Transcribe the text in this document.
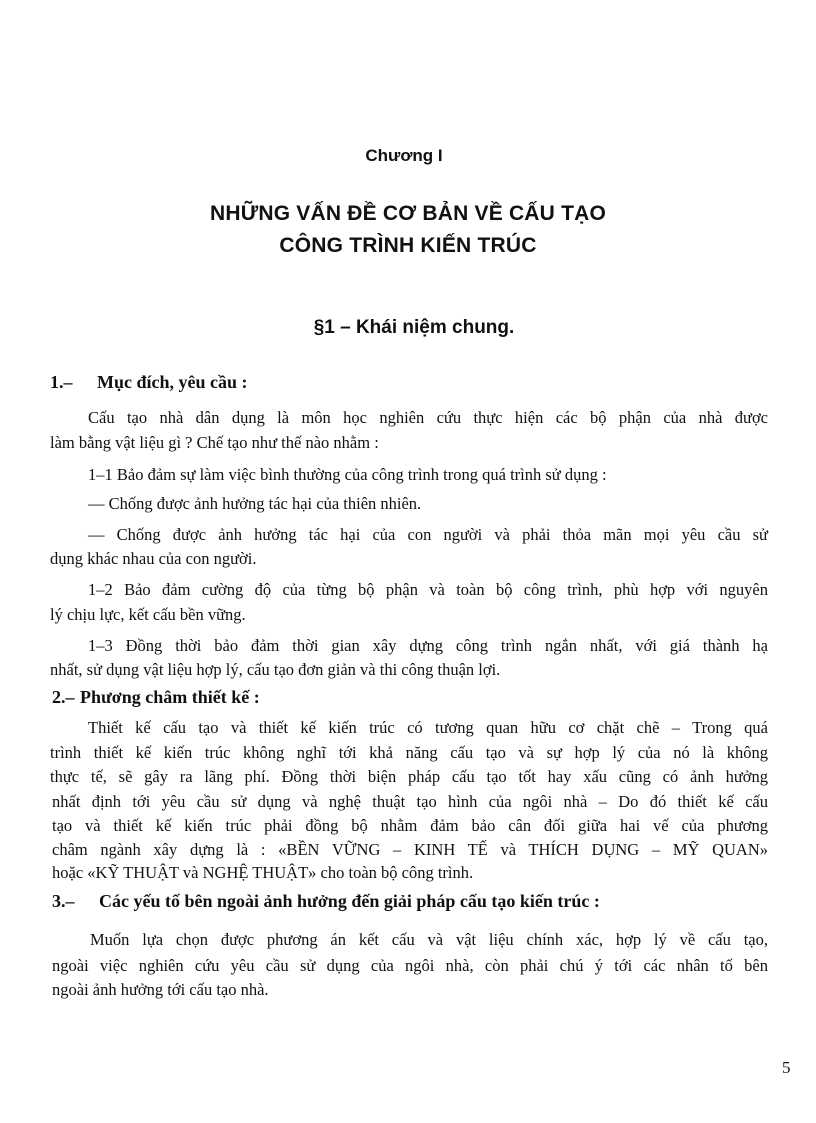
Chương I
NHỮNG VẤN ĐỀ CƠ BẢN VỀ CẤU TẠO
CÔNG TRÌNH KIẾN TRÚC
§1 – Khái niệm chung.
1.– Mục đích, yêu cầu :
Cấu tạo nhà dân dụng là môn học nghiên cứu thực hiện các bộ phận của nhà được
làm bằng vật liệu gì ? Chế tạo như thế nào nhằm :
1–1 Bảo đảm sự làm việc bình thường của công trình trong quá trình sử dụng :
— Chống được ảnh hưởng tác hại của thiên nhiên.
— Chống được ảnh hưởng tác hại của con người và phải thỏa mãn mọi yêu cầu sử
dụng khác nhau của con người.
1–2 Bảo đảm cường độ của từng bộ phận và toàn bộ công trình, phù hợp với nguyên
lý chịu lực, kết cấu bền vững.
1–3 Đồng thời bảo đảm thời gian xây dựng công trình ngắn nhất, với giá thành hạ
nhất, sử dụng vật liệu hợp lý, cấu tạo đơn giản và thi công thuận lợi.
2.– Phương châm thiết kế :
Thiết kế cấu tạo và thiết kế kiến trúc có tương quan hữu cơ chặt chẽ – Trong quá
trình thiết kế kiến trúc không nghĩ tới khả năng cấu tạo và sự hợp lý của nó là không
thực tế, sẽ gây ra lãng phí. Đồng thời biện pháp cấu tạo tốt hay xấu cũng có ảnh hưởng
nhất định tới yêu cầu sử dụng và nghệ thuật tạo hình của ngôi nhà – Do đó thiết kế cấu
tạo và thiết kế kiến trúc phải đồng bộ nhằm đảm bảo cân đối giữa hai vế của phương
châm ngành xây dựng là : «BỀN VỮNG – KINH TẾ và THÍCH DỤNG – MỸ QUAN»
hoặc «KỸ THUẬT và NGHỆ THUẬT» cho toàn bộ công trình.
3.– Các yếu tố bên ngoài ảnh hưởng đến giải pháp cấu tạo kiến trúc :
Muốn lựa chọn được phương án kết cấu và vật liệu chính xác, hợp lý về cấu tạo,
ngoài việc nghiên cứu yêu cầu sử dụng của ngôi nhà, còn phải chú ý tới các nhân tố bên
ngoài ảnh hưởng tới cấu tạo nhà.
5
